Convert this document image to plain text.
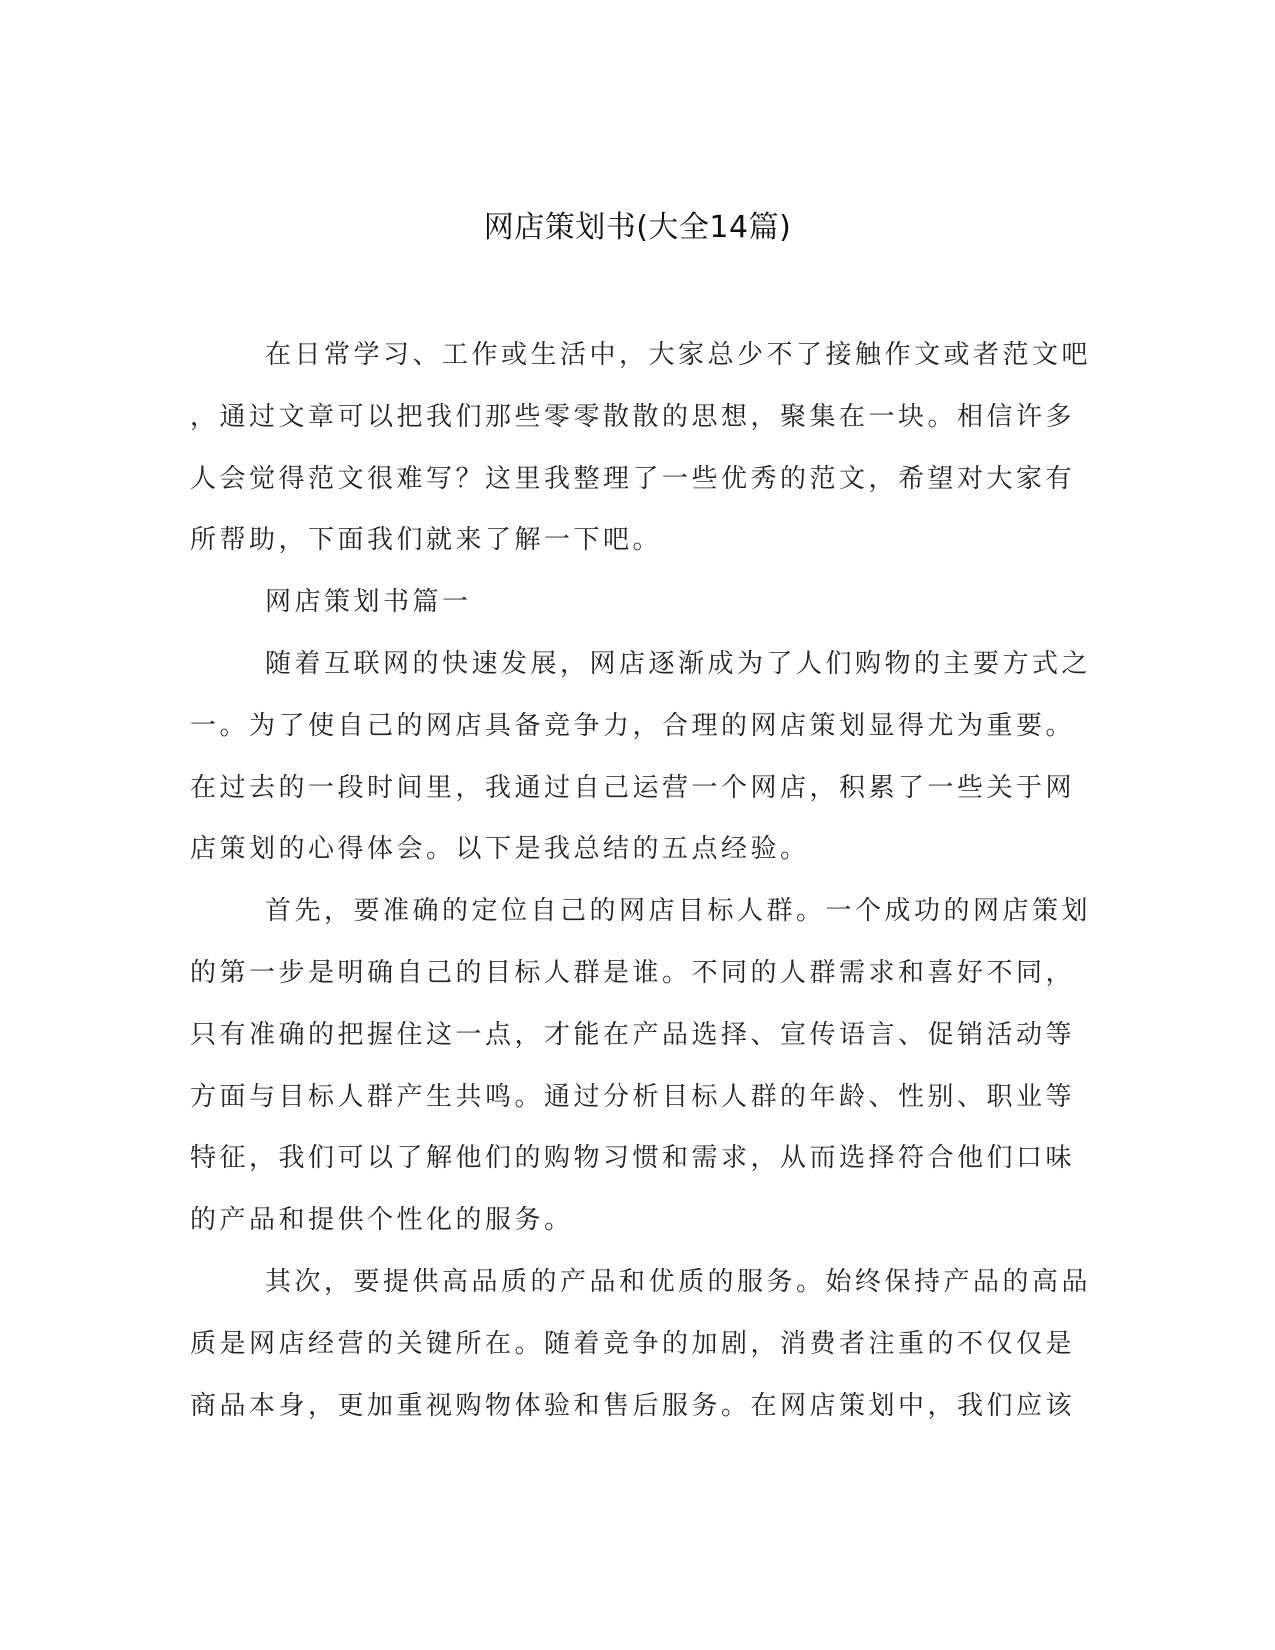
网店策划书(大全14篇)
在日常学习、工作或生活中，大家总少不了接触作文或者范文吧
，通过文章可以把我们那些零零散散的思想，聚集在一块。相信许多
人会觉得范文很难写？这里我整理了一些优秀的范文，希望对大家有
所帮助，下面我们就来了解一下吧。
网店策划书篇一
随着互联网的快速发展，网店逐渐成为了人们购物的主要方式之
一。为了使自己的网店具备竞争力，合理的网店策划显得尤为重要。
在过去的一段时间里，我通过自己运营一个网店，积累了一些关于网
店策划的心得体会。以下是我总结的五点经验。
首先，要准确的定位自己的网店目标人群。一个成功的网店策划
的第一步是明确自己的目标人群是谁。不同的人群需求和喜好不同，
只有准确的把握住这一点，才能在产品选择、宣传语言、促销活动等
方面与目标人群产生共鸣。通过分析目标人群的年龄、性别、职业等
特征，我们可以了解他们的购物习惯和需求，从而选择符合他们口味
的产品和提供个性化的服务。
其次，要提供高品质的产品和优质的服务。始终保持产品的高品
质是网店经营的关键所在。随着竞争的加剧，消费者注重的不仅仅是
商品本身，更加重视购物体验和售后服务。在网店策划中，我们应该
